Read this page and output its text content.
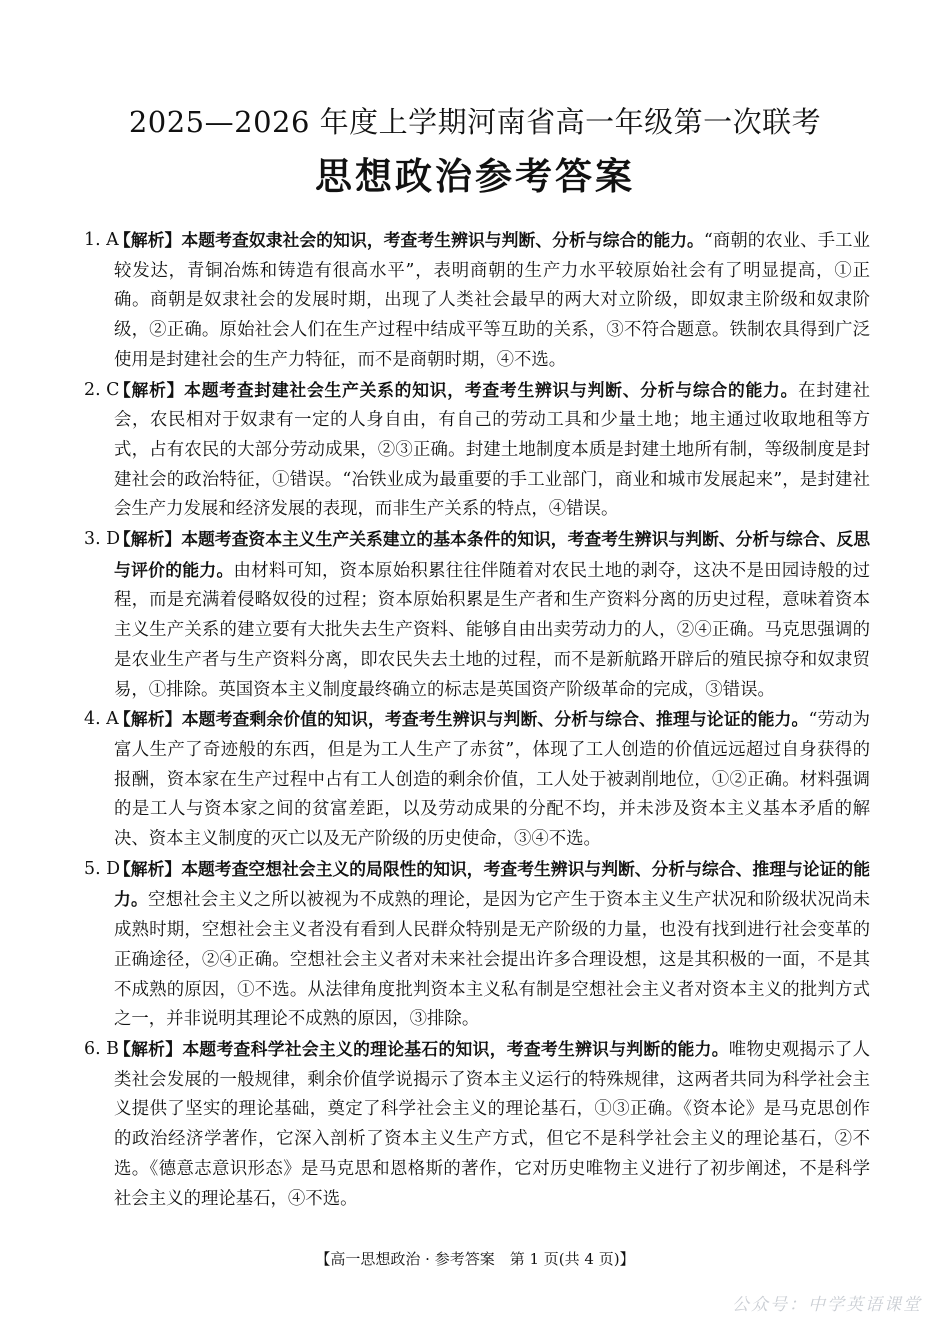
2025—2026 年度上学期河南省高一年级第一次联考
思想政治参考答案
1. A
【解析】本题考查奴隶社会的知识，考查考生辨识与判断、分析与综合的能力。“商朝的农业、手工业较发达，青铜冶炼和铸造有很高水平”，表明商朝的生产力水平较原始社会有了明显提高，①正确。商朝是奴隶社会的发展时期，出现了人类社会最早的两大对立阶级，即奴隶主阶级和奴隶阶级，②正确。原始社会人们在生产过程中结成平等互助的关系，③不符合题意。铁制农具得到广泛使用是封建社会的生产力特征，而不是商朝时期，④不选。
2. C
【解析】本题考查封建社会生产关系的知识，考查考生辨识与判断、分析与综合的能力。在封建社会，农民相对于奴隶有一定的人身自由，有自己的劳动工具和少量土地；地主通过收取地租等方式，占有农民的大部分劳动成果，②③正确。封建土地制度本质是封建土地所有制，等级制度是封建社会的政治特征，①错误。“冶铁业成为最重要的手工业部门，商业和城市发展起来”，是封建社会生产力发展和经济发展的表现，而非生产关系的特点，④错误。
3. D
【解析】本题考查资本主义生产关系建立的基本条件的知识，考查考生辨识与判断、分析与综合、反思与评价的能力。由材料可知，资本原始积累往往伴随着对农民土地的剥夺，这决不是田园诗般的过程，而是充满着侵略奴役的过程；资本原始积累是生产者和生产资料分离的历史过程，意味着资本主义生产关系的建立要有大批失去生产资料、能够自由出卖劳动力的人，②④正确。马克思强调的是农业生产者与生产资料分离，即农民失去土地的过程，而不是新航路开辟后的殖民掠夺和奴隶贸易，①排除。英国资本主义制度最终确立的标志是英国资产阶级革命的完成，③错误。
4. A
【解析】本题考查剩余价值的知识，考查考生辨识与判断、分析与综合、推理与论证的能力。“劳动为富人生产了奇迹般的东西，但是为工人生产了赤贫”，体现了工人创造的价值远远超过自身获得的报酬，资本家在生产过程中占有工人创造的剩余价值，工人处于被剥削地位，①②正确。材料强调的是工人与资本家之间的贫富差距，以及劳动成果的分配不均，并未涉及资本主义基本矛盾的解决、资本主义制度的灭亡以及无产阶级的历史使命，③④不选。
5. D
【解析】本题考查空想社会主义的局限性的知识，考查考生辨识与判断、分析与综合、推理与论证的能力。空想社会主义之所以被视为不成熟的理论，是因为它产生于资本主义生产状况和阶级状况尚未成熟时期，空想社会主义者没有看到人民群众特别是无产阶级的力量，也没有找到进行社会变革的正确途径，②④正确。空想社会主义者对未来社会提出许多合理设想，这是其积极的一面，不是其不成熟的原因，①不选。从法律角度批判资本主义私有制是空想社会主义者对资本主义的批判方式之一，并非说明其理论不成熟的原因，③排除。
6. B
【解析】本题考查科学社会主义的理论基石的知识，考查考生辨识与判断的能力。唯物史观揭示了人类社会发展的一般规律，剩余价值学说揭示了资本主义运行的特殊规律，这两者共同为科学社会主义提供了坚实的理论基础，奠定了科学社会主义的理论基石，①③正确。《资本论》是马克思创作的政治经济学著作，它深入剖析了资本主义生产方式，但它不是科学社会主义的理论基石，②不选。《德意志意识形态》是马克思和恩格斯的著作，它对历史唯物主义进行了初步阐述，不是科学社会主义的理论基石，④不选。
【高一思想政治 · 参考答案　第 1 页(共 4 页)】
公众号：中学英语课堂
